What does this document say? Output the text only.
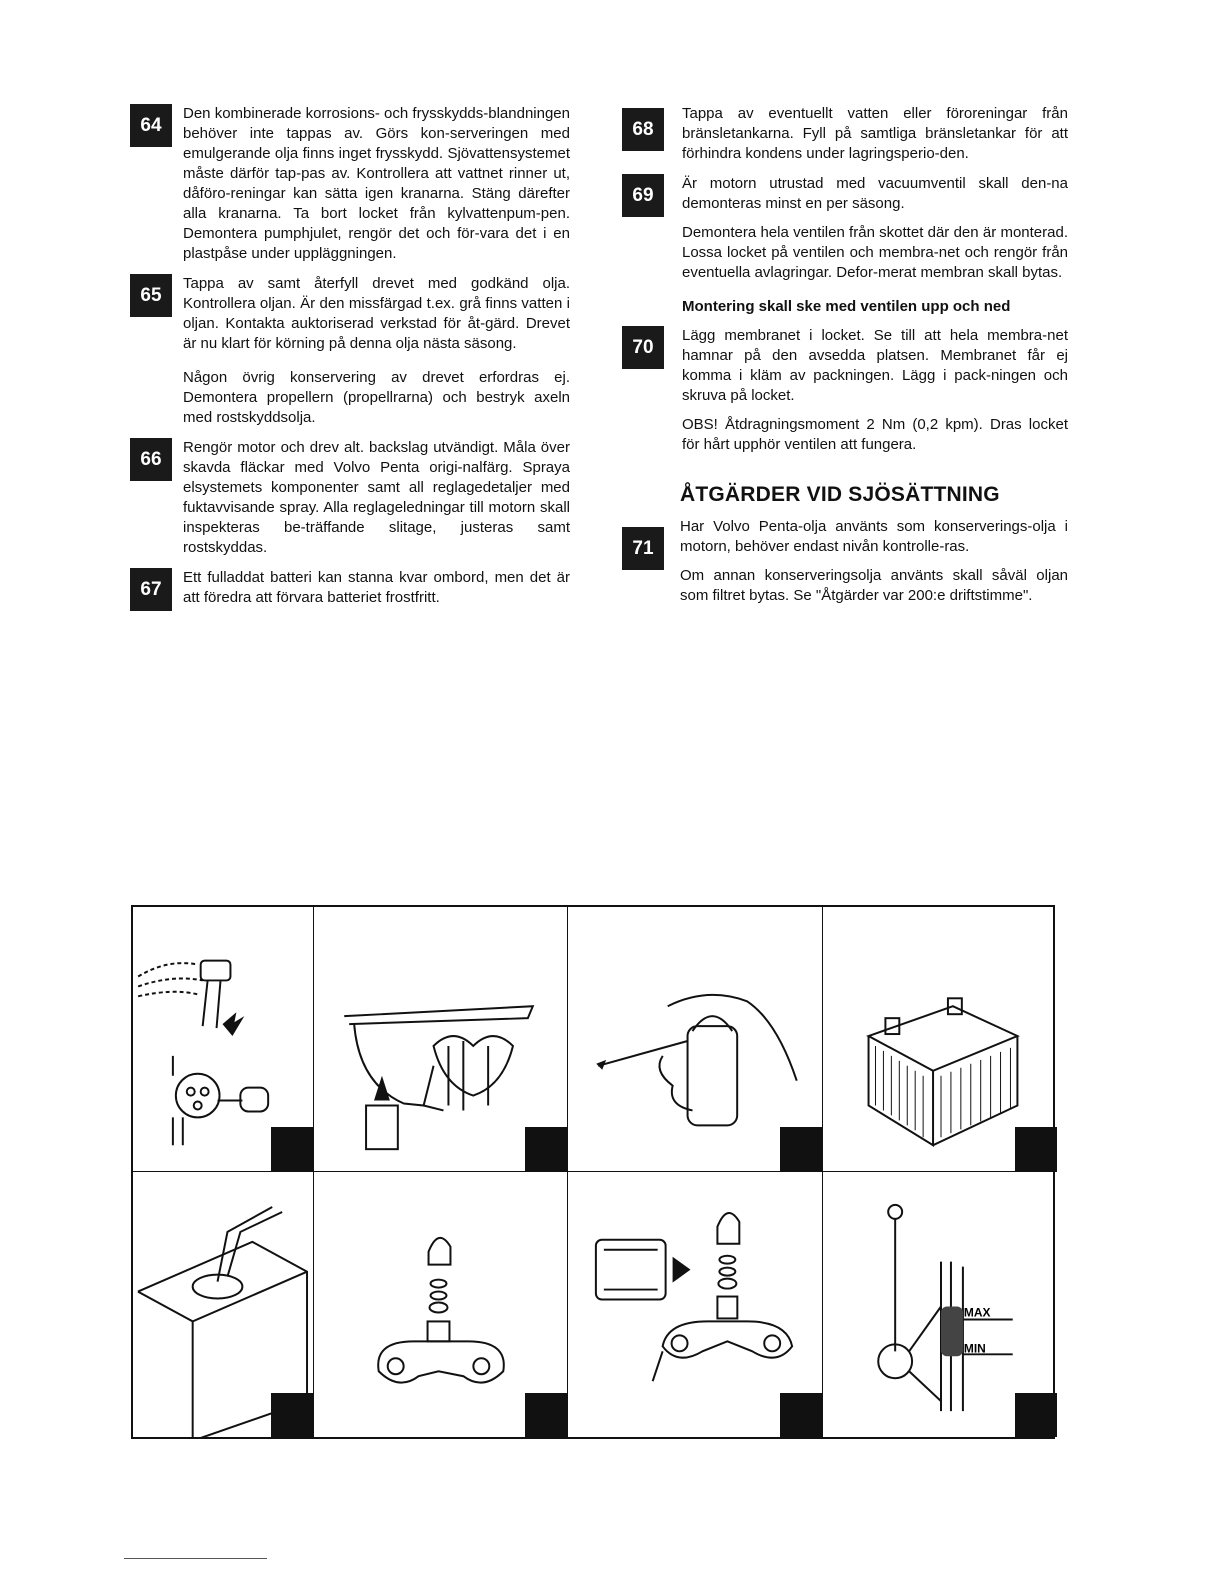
64

Den kombinerade korrosions- och frysskydds-blandningen behöver inte tappas av. Görs kon-serveringen med emulgerande olja finns inget frysskydd. Sjövattensystemet måste därför tap-pas av. Kontrollera att vattnet rinner ut, dåföro-reningar kan sätta igen kranarna. Stäng därefter alla kranarna. Ta bort locket från kylvattenpum-pen. Demontera pumphjulet, rengör det och för-vara det i en plastpåse under uppläggningen.

65

Tappa av samt återfyll drevet med godkänd olja. Kontrollera oljan. Är den missfärgad t.ex. grå finns vatten i oljan. Kontakta auktoriserad verkstad för åt-gärd. Drevet är nu klart för körning på denna olja nästa säsong.

Någon övrig konservering av drevet erfordras ej. Demontera propellern (propellrarna) och bestryk axeln med rostskyddsolja.

66

Rengör motor och drev alt. backslag utvändigt. Måla över skavda fläckar med Volvo Penta origi-nalfärg. Spraya elsystemets komponenter samt all reglagedetaljer med fuktavvisande spray. Alla reglageledningar till motorn skall inspekteras be-träffande slitage, justeras samt rostskyddas.

67

Ett fulladdat batteri kan stanna kvar ombord, men det är att föredra att förvara batteriet frostfritt.

68

Tappa av eventuellt vatten eller föroreningar från bränsletankarna. Fyll på samtliga bränsletankar för att förhindra kondens under lagringsperio-den.

69

Är motorn utrustad med vacuumventil skall den-na demonteras minst en per säsong.

Demontera hela ventilen från skottet där den är monterad. Lossa locket på ventilen och membra-net och rengör från eventuella avlagringar. Defor-merat membran skall bytas.

Montering skall ske med ventilen upp och ned
70

Lägg membranet i locket. Se till att hela membra-net hamnar på den avsedda platsen. Membranet får ej komma i kläm av packningen. Lägg i pack-ningen och skruva på locket.

OBS! Åtdragningsmoment 2 Nm (0,2 kpm). Dras locket för hårt upphör ventilen att fungera.

ÅTGÄRDER VID SJÖSÄTTNING
71

Har Volvo Penta-olja använts som konserverings-olja i motorn, behöver endast nivån kontrolle-ras.

Om annan konserveringsolja använts skall såväl oljan som filtret bytas. Se "Åtgärder var 200:e driftstimme".

MAX
MIN
